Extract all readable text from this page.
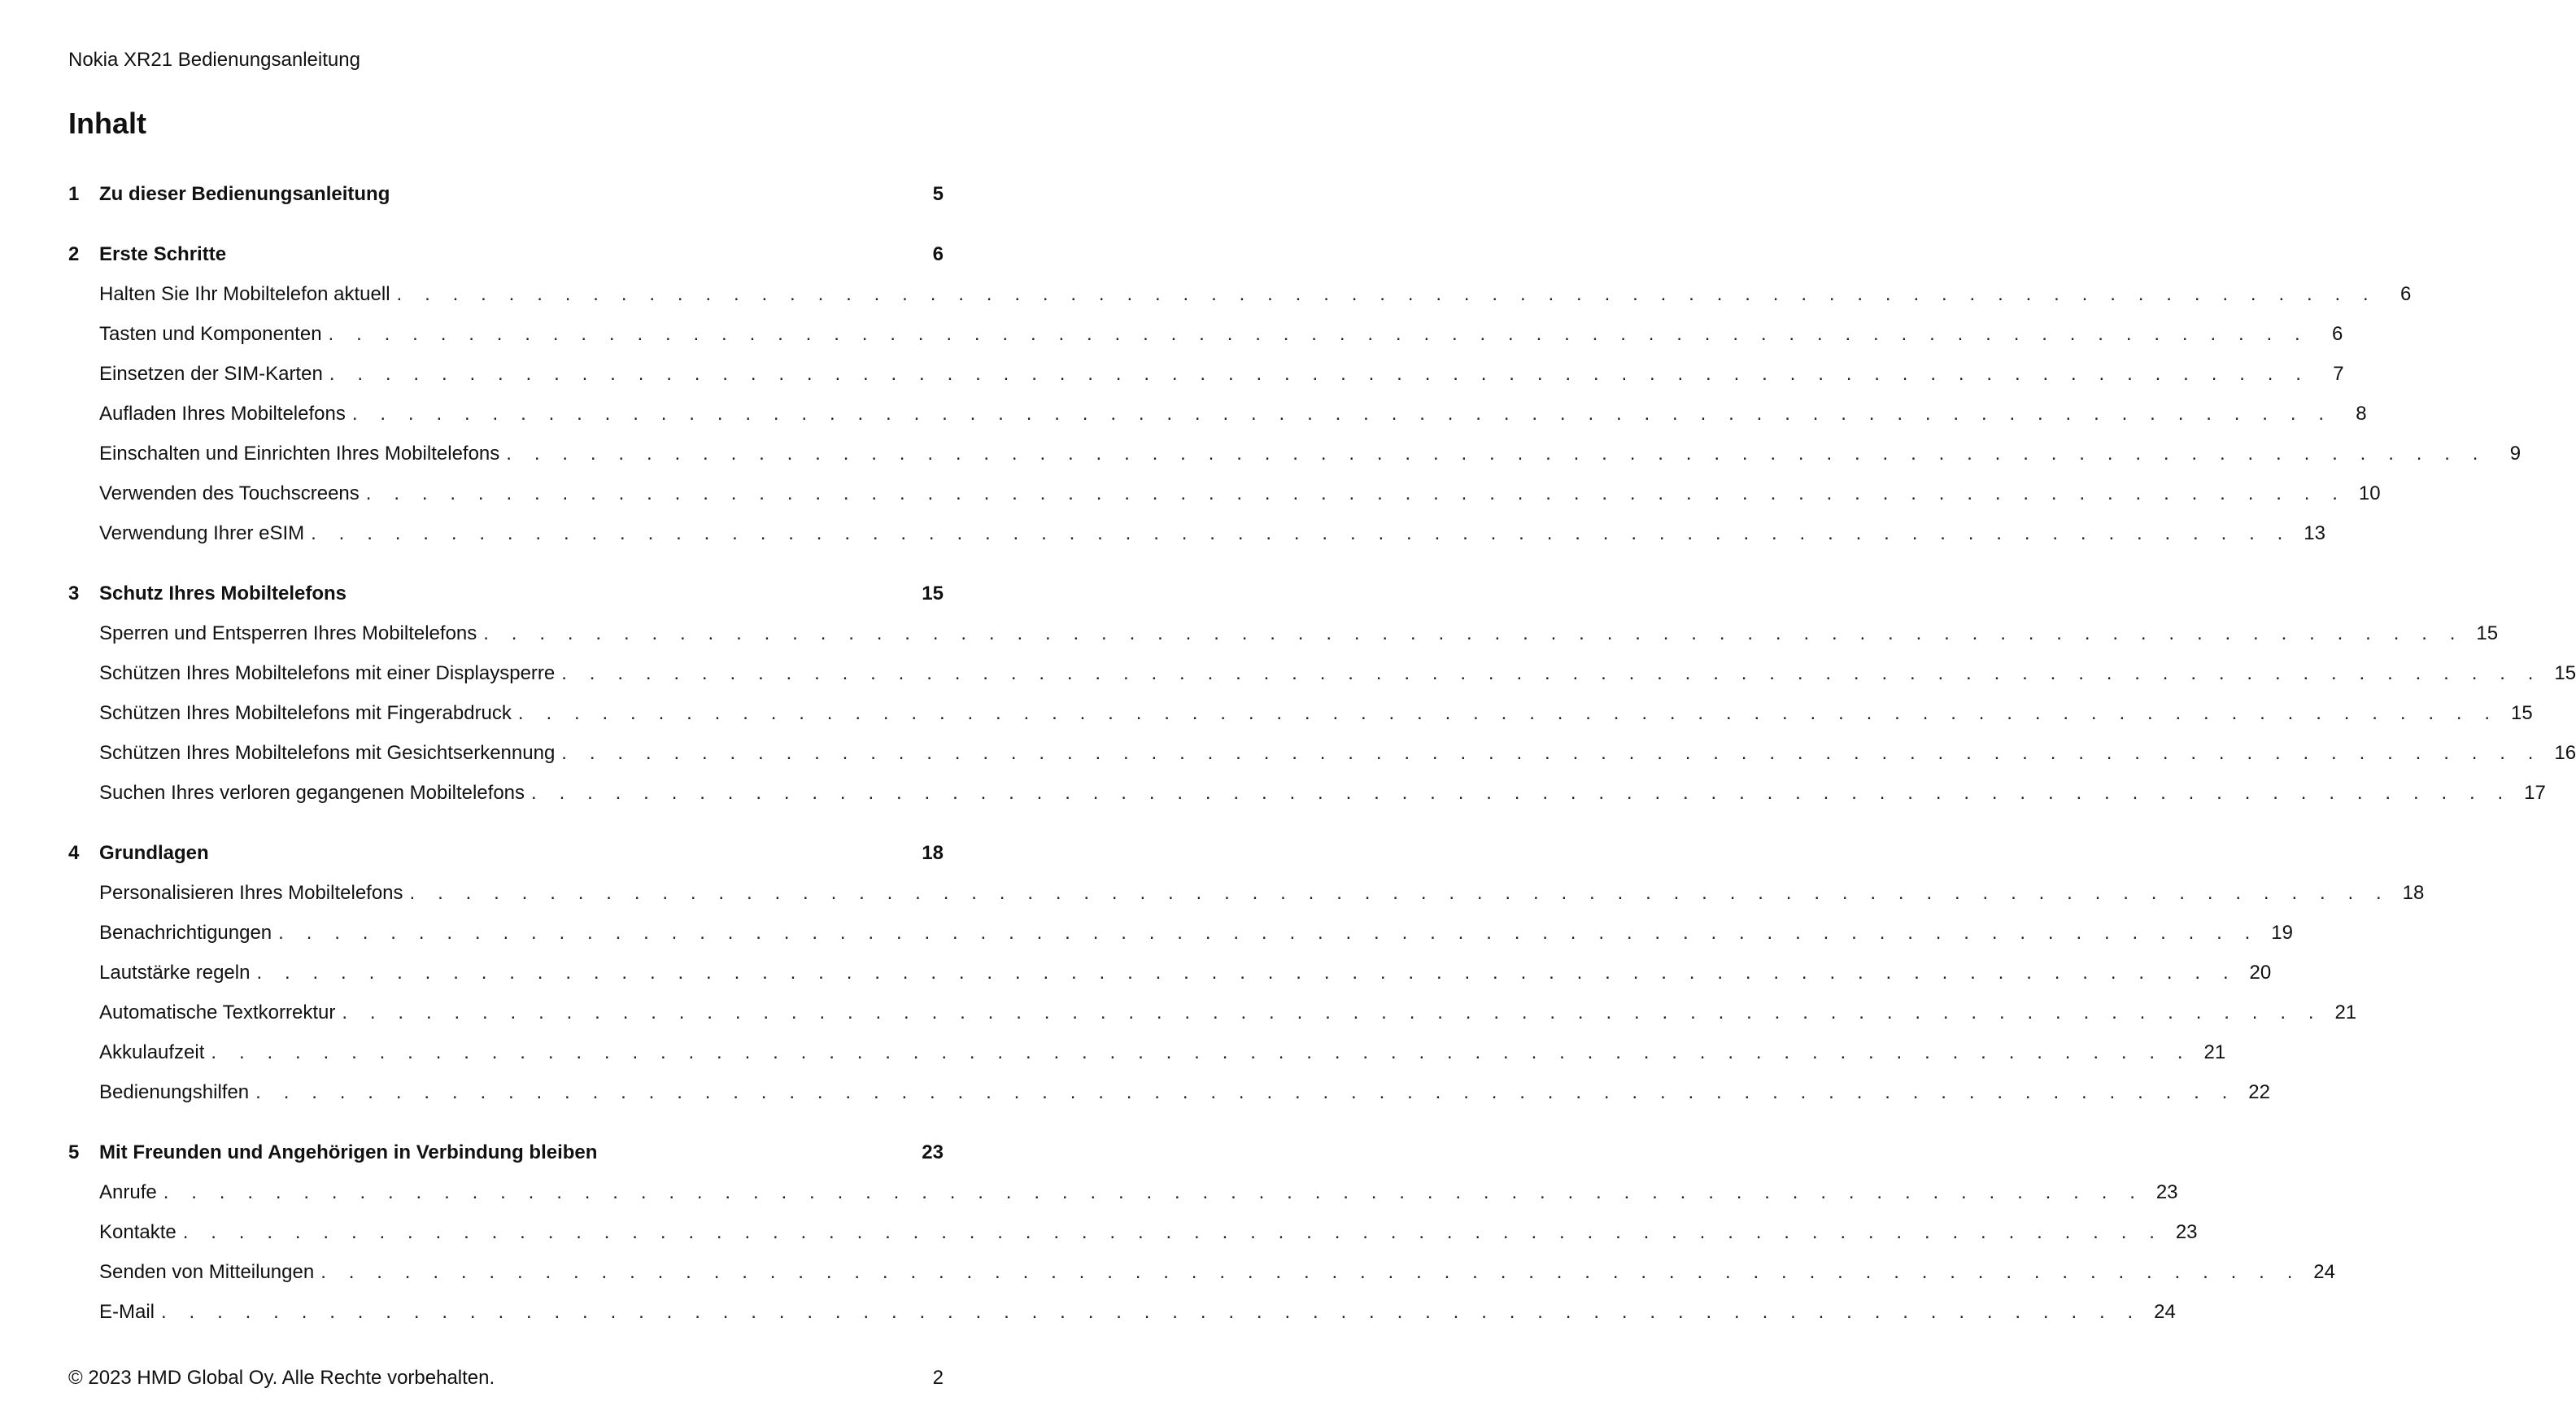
Nokia XR21 Bedienungsanleitung
Inhalt
1	Zu dieser Bedienungsanleitung	5
2	Erste Schritte	6
Halten Sie Ihr Mobiltelefon aktuell . . . . . . . . . . . . . . . . . . . . . . . . . . . . . . . . . . . . . . . . . . . . . . . . . . . . . . . . . . . . . . . . . . . . . . .	6
Tasten und Komponenten . . . . . . . . . . . . . . . . . . . . . . . . . . . . . . . . . . . . . . . . . . . . . . . . . . . . . . . . . . . . . . . . . . . . . . .	6
Einsetzen der SIM-Karten . . . . . . . . . . . . . . . . . . . . . . . . . . . . . . . . . . . . . . . . . . . . . . . . . . . . . . . . . . . . . . . . . . . . . . .	7
Aufladen Ihres Mobiltelefons . . . . . . . . . . . . . . . . . . . . . . . . . . . . . . . . . . . . . . . . . . . . . . . . . . . . . . . . . . . . . . . . . . . . . . .	8
Einschalten und Einrichten Ihres Mobiltelefons . . . . . . . . . . . . . . . . . . . . . . . . . . . . . . . . . . . . . . . . . . . . . . . . . . . . . . . . . . . . . . . . . . . . . . .	9
Verwenden des Touchscreens . . . . . . . . . . . . . . . . . . . . . . . . . . . . . . . . . . . . . . . . . . . . . . . . . . . . . . . . . . . . . . . . . . . . . . . 10
Verwendung Ihrer eSIM . . . . . . . . . . . . . . . . . . . . . . . . . . . . . . . . . . . . . . . . . . . . . . . . . . . . . . . . . . . . . . . . . . . . . . . 13
3	Schutz Ihres Mobiltelefons	15
Sperren und Entsperren Ihres Mobiltelefons . . . . . . . . . . . . . . . . . . . . . . . . . . . . . . . . . . . . . . . . . . . . . . . . . . . . . . . . . . . . . . . . . . . . . . . 15
Schützen Ihres Mobiltelefons mit einer Displaysperre . . . . . . . . . . . . . . . . . . . . . . . . . . . . . . . . . . . . . . . . . . . . . . . . . . . . . . . . . . . . . . . . . . . . . . . 15
Schützen Ihres Mobiltelefons mit Fingerabdruck . . . . . . . . . . . . . . . . . . . . . . . . . . . . . . . . . . . . . . . . . . . . . . . . . . . . . . . . . . . . . . . . . . . . . . . 15
Schützen Ihres Mobiltelefons mit Gesichtserkennung . . . . . . . . . . . . . . . . . . . . . . . . . . . . . . . . . . . . . . . . . . . . . . . . . . . . . . . . . . . . . . . . . . . . . . . 16
Suchen Ihres verloren gegangenen Mobiltelefons . . . . . . . . . . . . . . . . . . . . . . . . . . . . . . . . . . . . . . . . . . . . . . . . . . . . . . . . . . . . . . . . . . . . . . . 17
4	Grundlagen	18
Personalisieren Ihres Mobiltelefons . . . . . . . . . . . . . . . . . . . . . . . . . . . . . . . . . . . . . . . . . . . . . . . . . . . . . . . . . . . . . . . . . . . . . . . 18
Benachrichtigungen . . . . . . . . . . . . . . . . . . . . . . . . . . . . . . . . . . . . . . . . . . . . . . . . . . . . . . . . . . . . . . . . . . . . . . . 19
Lautstärke regeln . . . . . . . . . . . . . . . . . . . . . . . . . . . . . . . . . . . . . . . . . . . . . . . . . . . . . . . . . . . . . . . . . . . . . . . 20
Automatische Textkorrektur . . . . . . . . . . . . . . . . . . . . . . . . . . . . . . . . . . . . . . . . . . . . . . . . . . . . . . . . . . . . . . . . . . . . . . . 21
Akkulaufzeit . . . . . . . . . . . . . . . . . . . . . . . . . . . . . . . . . . . . . . . . . . . . . . . . . . . . . . . . . . . . . . . . . . . . . . . 21
Bedienungshilfen . . . . . . . . . . . . . . . . . . . . . . . . . . . . . . . . . . . . . . . . . . . . . . . . . . . . . . . . . . . . . . . . . . . . . . . 22
5	Mit Freunden und Angehörigen in Verbindung bleiben	23
Anrufe . . . . . . . . . . . . . . . . . . . . . . . . . . . . . . . . . . . . . . . . . . . . . . . . . . . . . . . . . . . . . . . . . . . . . . . 23
Kontakte . . . . . . . . . . . . . . . . . . . . . . . . . . . . . . . . . . . . . . . . . . . . . . . . . . . . . . . . . . . . . . . . . . . . . . . 23
Senden von Mitteilungen . . . . . . . . . . . . . . . . . . . . . . . . . . . . . . . . . . . . . . . . . . . . . . . . . . . . . . . . . . . . . . . . . . . . . . . 24
E-Mail . . . . . . . . . . . . . . . . . . . . . . . . . . . . . . . . . . . . . . . . . . . . . . . . . . . . . . . . . . . . . . . . . . . . . . . 24
© 2023 HMD Global Oy. Alle Rechte vorbehalten.	2
